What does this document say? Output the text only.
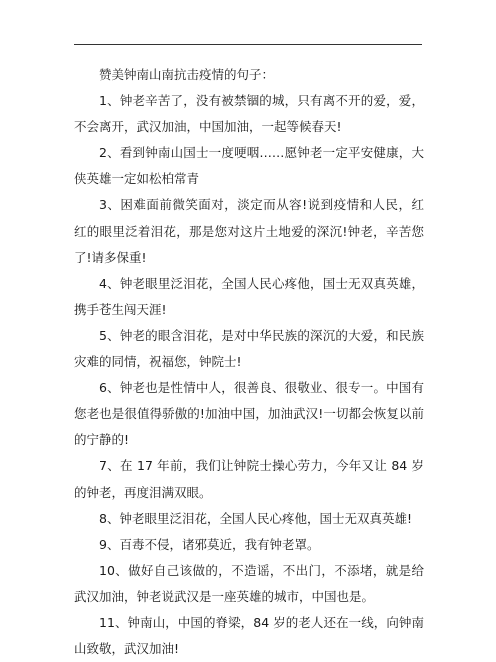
赞美钟南山南抗击疫情的句子：

1、钟老辛苦了，没有被禁锢的城，只有离不开的爱，爱，不会离开，武汉加油，中国加油，一起等候春天!

2、看到钟南山国士一度哽咽……愿钟老一定平安健康，大侠英雄一定如松柏常青

3、困难面前微笑面对，淡定而从容!说到疫情和人民，红红的眼里泛着泪花，那是您对这片土地爱的深沉!钟老，辛苦您了!请多保重!

4、钟老眼里泛泪花，全国人民心疼他，国士无双真英雄，携手苍生闯天涯!

5、钟老的眼含泪花，是对中华民族的深沉的大爱，和民族灾难的同情，祝福您，钟院士!

6、钟老也是性情中人，很善良、很敬业、很专一。中国有您老也是很值得骄傲的!加油中国，加油武汉!一切都会恢复以前的宁静的!

7、在 17 年前，我们让钟院士操心劳力，今年又让 84 岁的钟老，再度泪满双眼。

8、钟老眼里泛泪花，全国人民心疼他，国士无双真英雄!

9、百毒不侵，诸邪莫近，我有钟老罩。

10、做好自己该做的，不造谣，不出门，不添堵，就是给武汉加油，钟老说武汉是一座英雄的城市，中国也是。

11、钟南山，中国的脊梁，84 岁的老人还在一线，向钟南山致敬，武汉加油!
